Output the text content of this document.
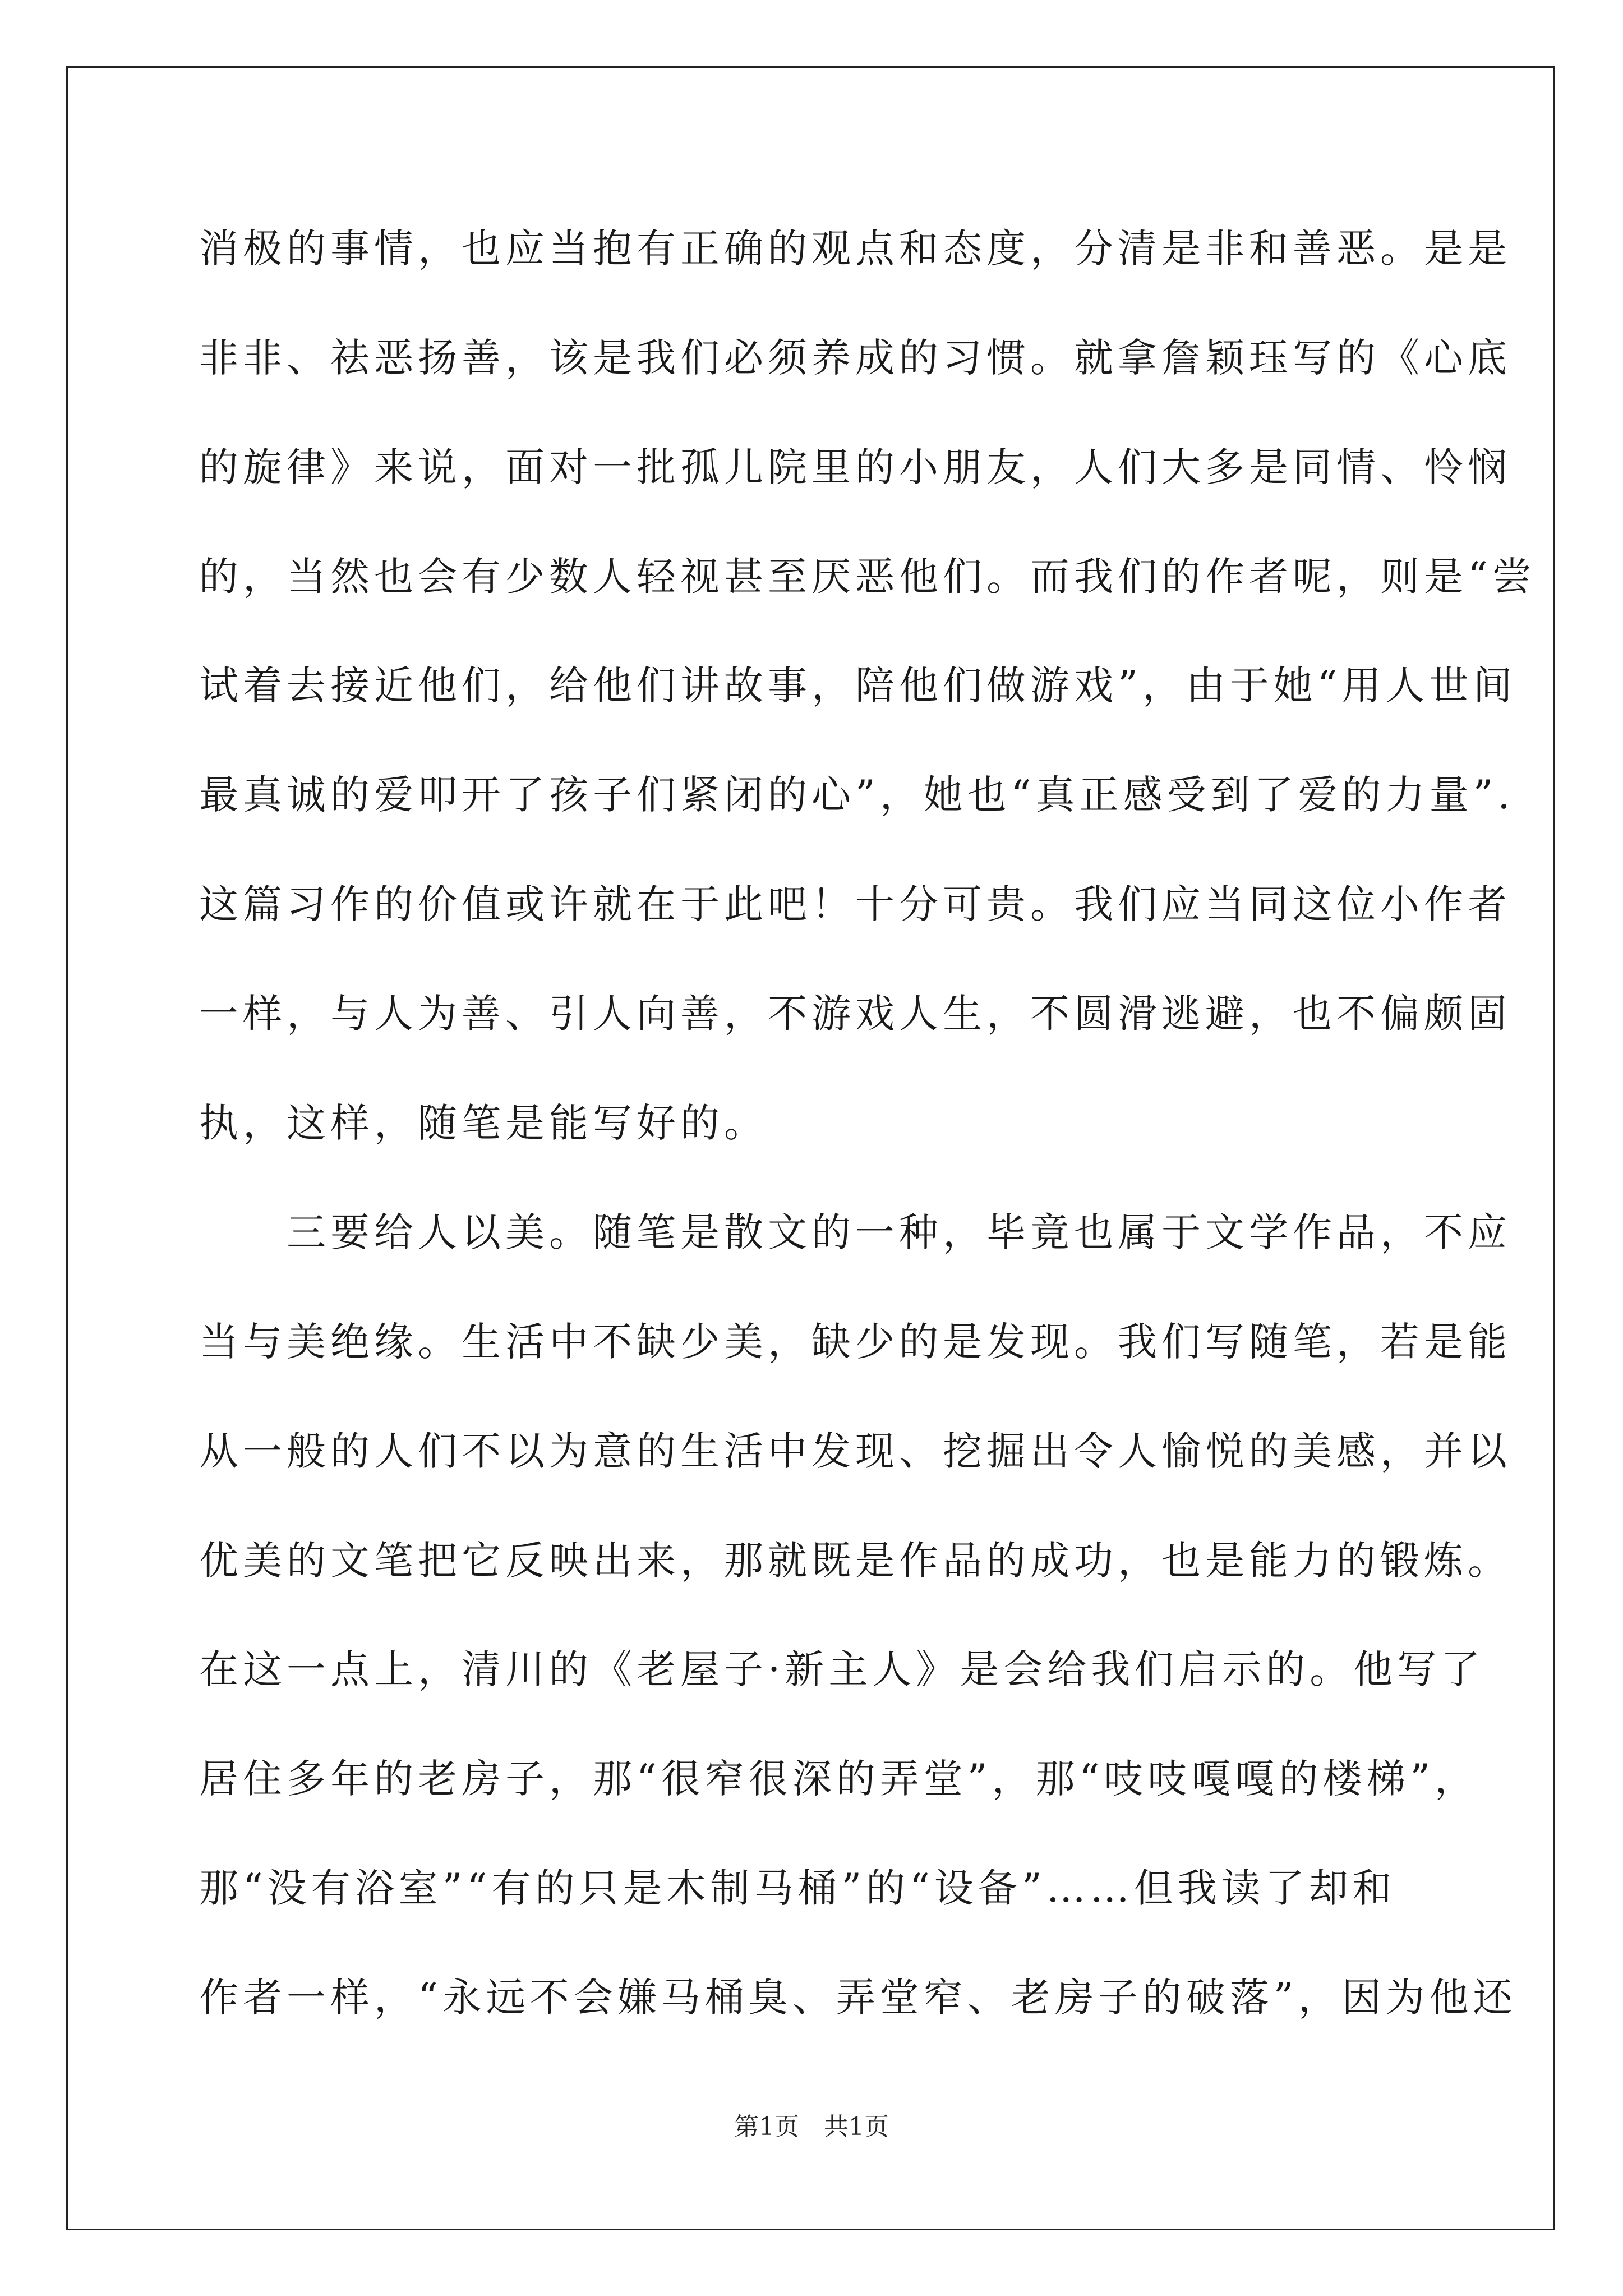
消极的事情，也应当抱有正确的观点和态度，分清是非和善恶。是是
非非、祛恶扬善，该是我们必须养成的习惯。就拿詹颖珏写的《心底
的旋律》来说，面对一批孤儿院里的小朋友，人们大多是同情、怜悯
的，当然也会有少数人轻视甚至厌恶他们。而我们的作者呢，则是“尝
试着去接近他们，给他们讲故事，陪他们做游戏”，由于她“用人世间
最真诚的爱叩开了孩子们紧闭的心”，她也“真正感受到了爱的力量”.
这篇习作的价值或许就在于此吧！十分可贵。我们应当同这位小作者
一样，与人为善、引人向善，不游戏人生，不圆滑逃避，也不偏颇固
执，这样，随笔是能写好的。
　　三要给人以美。随笔是散文的一种，毕竟也属于文学作品，不应
当与美绝缘。生活中不缺少美，缺少的是发现。我们写随笔，若是能
从一般的人们不以为意的生活中发现、挖掘出令人愉悦的美感，并以
优美的文笔把它反映出来，那就既是作品的成功，也是能力的锻炼。
在这一点上，清川的《老屋子·新主人》是会给我们启示的。他写了
居住多年的老房子，那“很窄很深的弄堂”，那“吱吱嘎嘎的楼梯”，
那“没有浴室”“有的只是木制马桶”的“设备”……但我读了却和
作者一样，“永远不会嫌马桶臭、弄堂窄、老房子的破落”，因为他还
第1页　共1页
